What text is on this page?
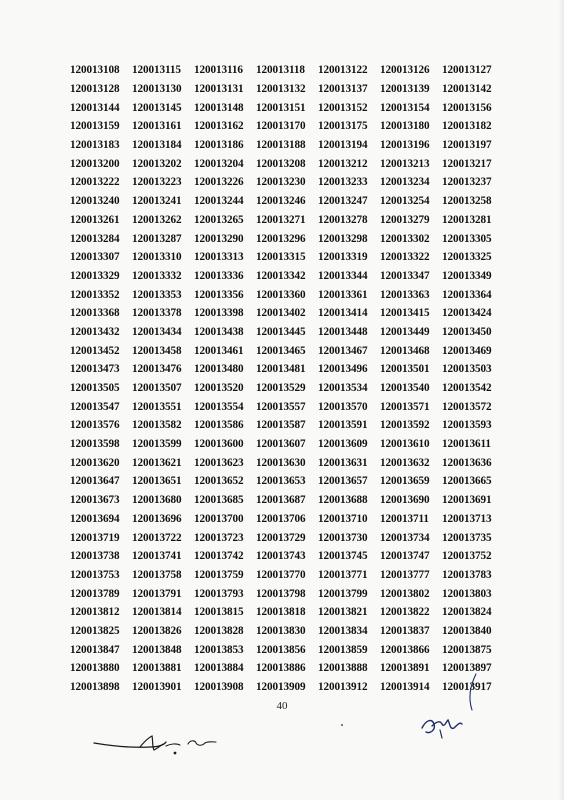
120013108	120013115	120013116	120013118	120013122	120013126	120013127
120013128	120013130	120013131	120013132	120013137	120013139	120013142
120013144	120013145	120013148	120013151	120013152	120013154	120013156
120013159	120013161	120013162	120013170	120013175	120013180	120013182
120013183	120013184	120013186	120013188	120013194	120013196	120013197
120013200	120013202	120013204	120013208	120013212	120013213	120013217
120013222	120013223	120013226	120013230	120013233	120013234	120013237
120013240	120013241	120013244	120013246	120013247	120013254	120013258
120013261	120013262	120013265	120013271	120013278	120013279	120013281
120013284	120013287	120013290	120013296	120013298	120013302	120013305
120013307	120013310	120013313	120013315	120013319	120013322	120013325
120013329	120013332	120013336	120013342	120013344	120013347	120013349
120013352	120013353	120013356	120013360	120013361	120013363	120013364
120013368	120013378	120013398	120013402	120013414	120013415	120013424
120013432	120013434	120013438	120013445	120013448	120013449	120013450
120013452	120013458	120013461	120013465	120013467	120013468	120013469
120013473	120013476	120013480	120013481	120013496	120013501	120013503
120013505	120013507	120013520	120013529	120013534	120013540	120013542
120013547	120013551	120013554	120013557	120013570	120013571	120013572
120013576	120013582	120013586	120013587	120013591	120013592	120013593
120013598	120013599	120013600	120013607	120013609	120013610	120013611
120013620	120013621	120013623	120013630	120013631	120013632	120013636
120013647	120013651	120013652	120013653	120013657	120013659	120013665
120013673	120013680	120013685	120013687	120013688	120013690	120013691
120013694	120013696	120013700	120013706	120013710	120013711	120013713
120013719	120013722	120013723	120013729	120013730	120013734	120013735
120013738	120013741	120013742	120013743	120013745	120013747	120013752
120013753	120013758	120013759	120013770	120013771	120013777	120013783
120013789	120013791	120013793	120013798	120013799	120013802	120013803
120013812	120013814	120013815	120013818	120013821	120013822	120013824
120013825	120013826	120013828	120013830	120013834	120013837	120013840
120013847	120013848	120013853	120013856	120013859	120013866	120013875
120013880	120013881	120013884	120013886	120013888	120013891	120013897
120013898	120013901	120013908	120013909	120013912	120013914	120013917
40
